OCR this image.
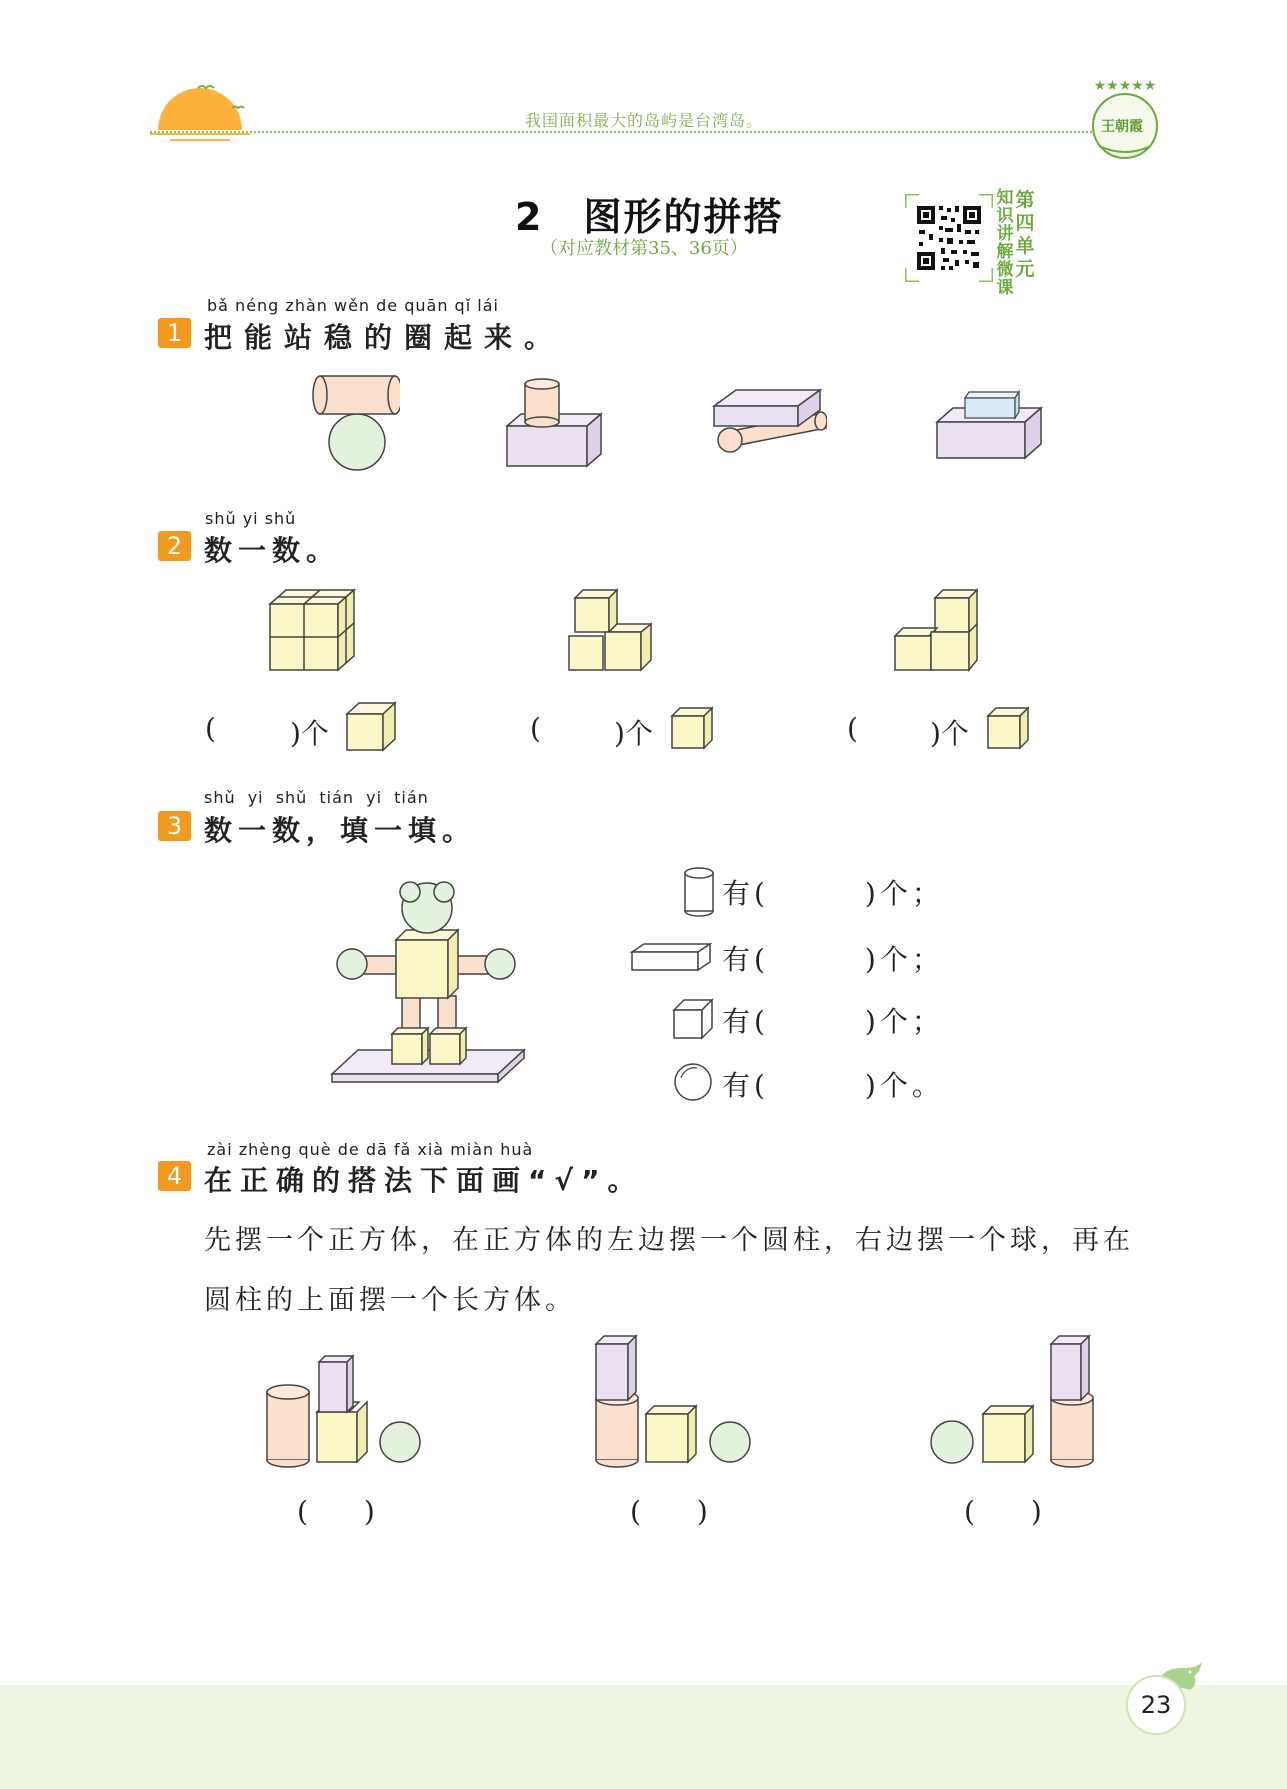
我国面积最大的岛屿是台湾岛。
★★★★★
王朝霞
2　图形的拼搭
（对应教材第35、36页）
知识讲解微课
第四单元
bǎ néng zhàn wěn de quān qǐ lái
1 把能站稳的圈起来。
shǔ yi shǔ
2 数一数。
(	)个	(	)个	(	)个
shǔ yi shǔ tián yi tián
3 数一数，填一填。
有(　　　)个；
有(　　　)个；
有(　　　)个；
有(　　　)个。
zài zhèng què de dā fǎ xià miàn huà
4 在正确的搭法下面画“√”。
先摆一个正方体，在正方体的左边摆一个圆柱，右边摆一个球，再在
圆柱的上面摆一个长方体。
(　　)	(　　)	(　　)
23
